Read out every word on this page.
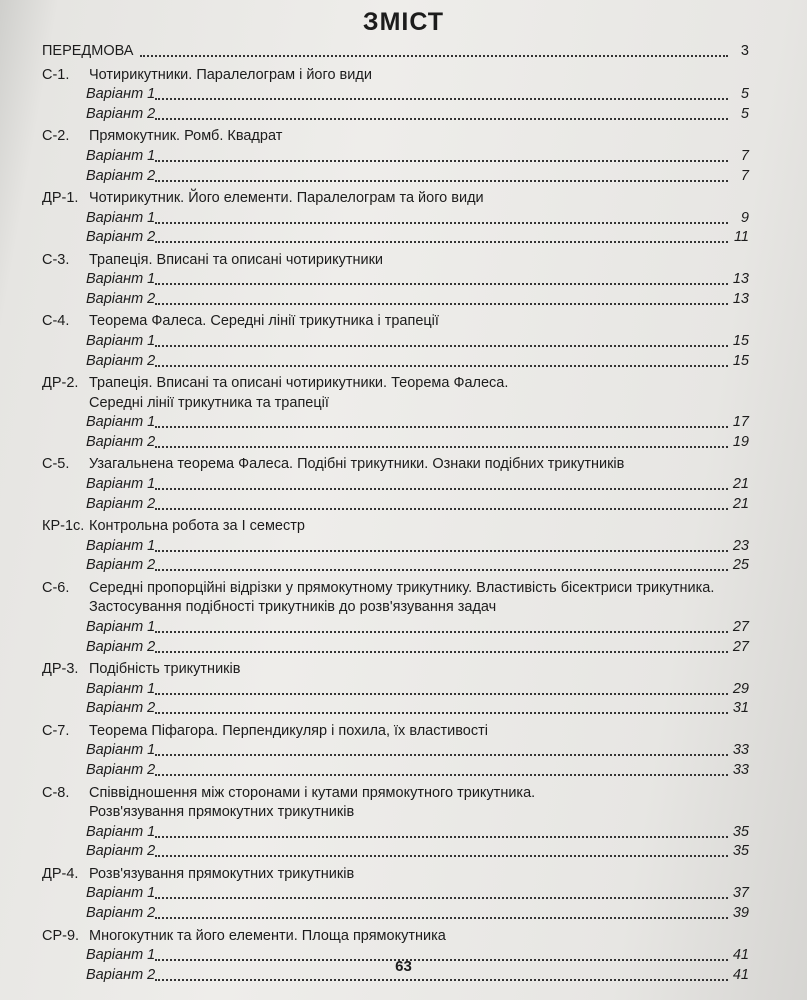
ЗМІСТ
ПЕРЕДМОВА	3
С-1. Чотирикутники. Паралелограм і його види
Варіант 1	5
Варіант 2	5
С-2. Прямокутник. Ромб. Квадрат
Варіант 1	7
Варіант 2	7
ДР-1. Чотирикутник. Його елементи. Паралелограм та його види
Варіант 1	9
Варіант 2	11
С-3. Трапеція. Вписані та описані чотирикутники
Варіант 1	13
Варіант 2	13
С-4. Теорема Фалеса. Середні лінії трикутника і трапеції
Варіант 1	15
Варіант 2	15
ДР-2. Трапеція. Вписані та описані чотирикутники. Теорема Фалеса.
Середні лінії трикутника та трапеції
Варіант 1	17
Варіант 2	19
С-5. Узагальнена теорема Фалеса. Подібні трикутники. Ознаки подібних трикутників
Варіант 1	21
Варіант 2	21
КР-1с. Контрольна робота за І семестр
Варіант 1	23
Варіант 2	25
С-6. Середні пропорційні відрізки у прямокутному трикутнику. Властивість бісектриси трикутника.
Застосування подібності трикутників до розв'язування задач
Варіант 1	27
Варіант 2	27
ДР-3. Подібність трикутників
Варіант 1	29
Варіант 2	31
С-7. Теорема Піфагора. Перпендикуляр і похила, їх властивості
Варіант 1	33
Варіант 2	33
С-8. Співвідношення між сторонами і кутами прямокутного трикутника.
Розв'язування прямокутних трикутників
Варіант 1	35
Варіант 2	35
ДР-4. Розв'язування прямокутних трикутників
Варіант 1	37
Варіант 2	39
СР-9. Многокутник та його елементи. Площа прямокутника
Варіант 1	41
Варіант 2	41
63
